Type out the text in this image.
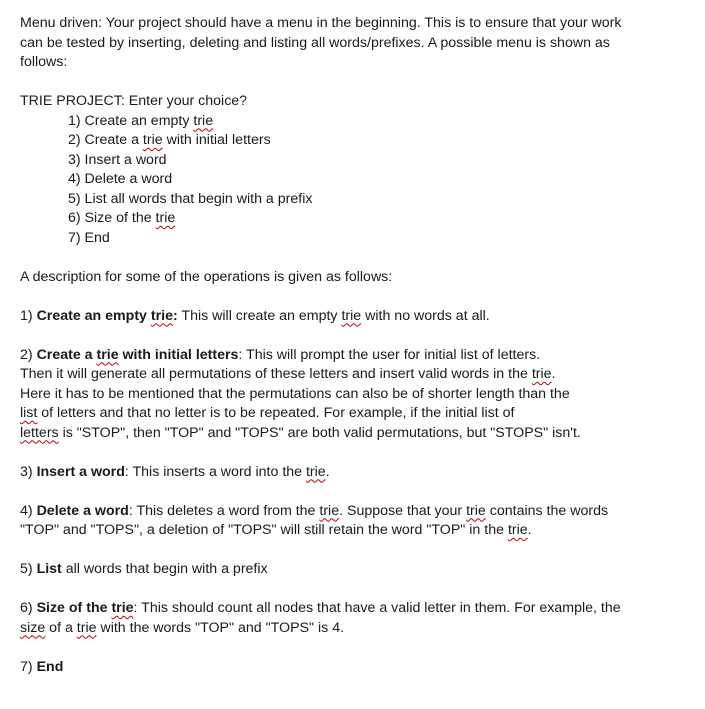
Menu driven: Your project should have a menu in the beginning. This is to ensure that your work

can be tested by inserting, deleting and listing all words/prefixes. A possible menu is shown as

follows:

TRIE PROJECT: Enter your choice?

1) Create an empty trie
2) Create a trie with initial letters
3) Insert a word
4) Delete a word
5) List all words that begin with a prefix
6) Size of the trie
7) End

A description for some of the operations is given as follows:

1) Create an empty trie: This will create an empty trie with no words at all.

2) Create a trie with initial letters: This will prompt the user for initial list of letters.

Then it will generate all permutations of these letters and insert valid words in the trie.

Here it has to be mentioned that the permutations can also be of shorter length than the

list of letters and that no letter is to be repeated. For example, if the initial list of

letters is "STOP", then "TOP" and "TOPS" are both valid permutations, but "STOPS" isn't.

3) Insert a word: This inserts a word into the trie.

4) Delete a word: This deletes a word from the trie. Suppose that your trie contains the words

"TOP" and "TOPS", a deletion of "TOPS" will still retain the word "TOP" in the trie.

5) List all words that begin with a prefix

6) Size of the trie: This should count all nodes that have a valid letter in them. For example, the

size of a trie with the words "TOP" and "TOPS" is 4.

7) End
